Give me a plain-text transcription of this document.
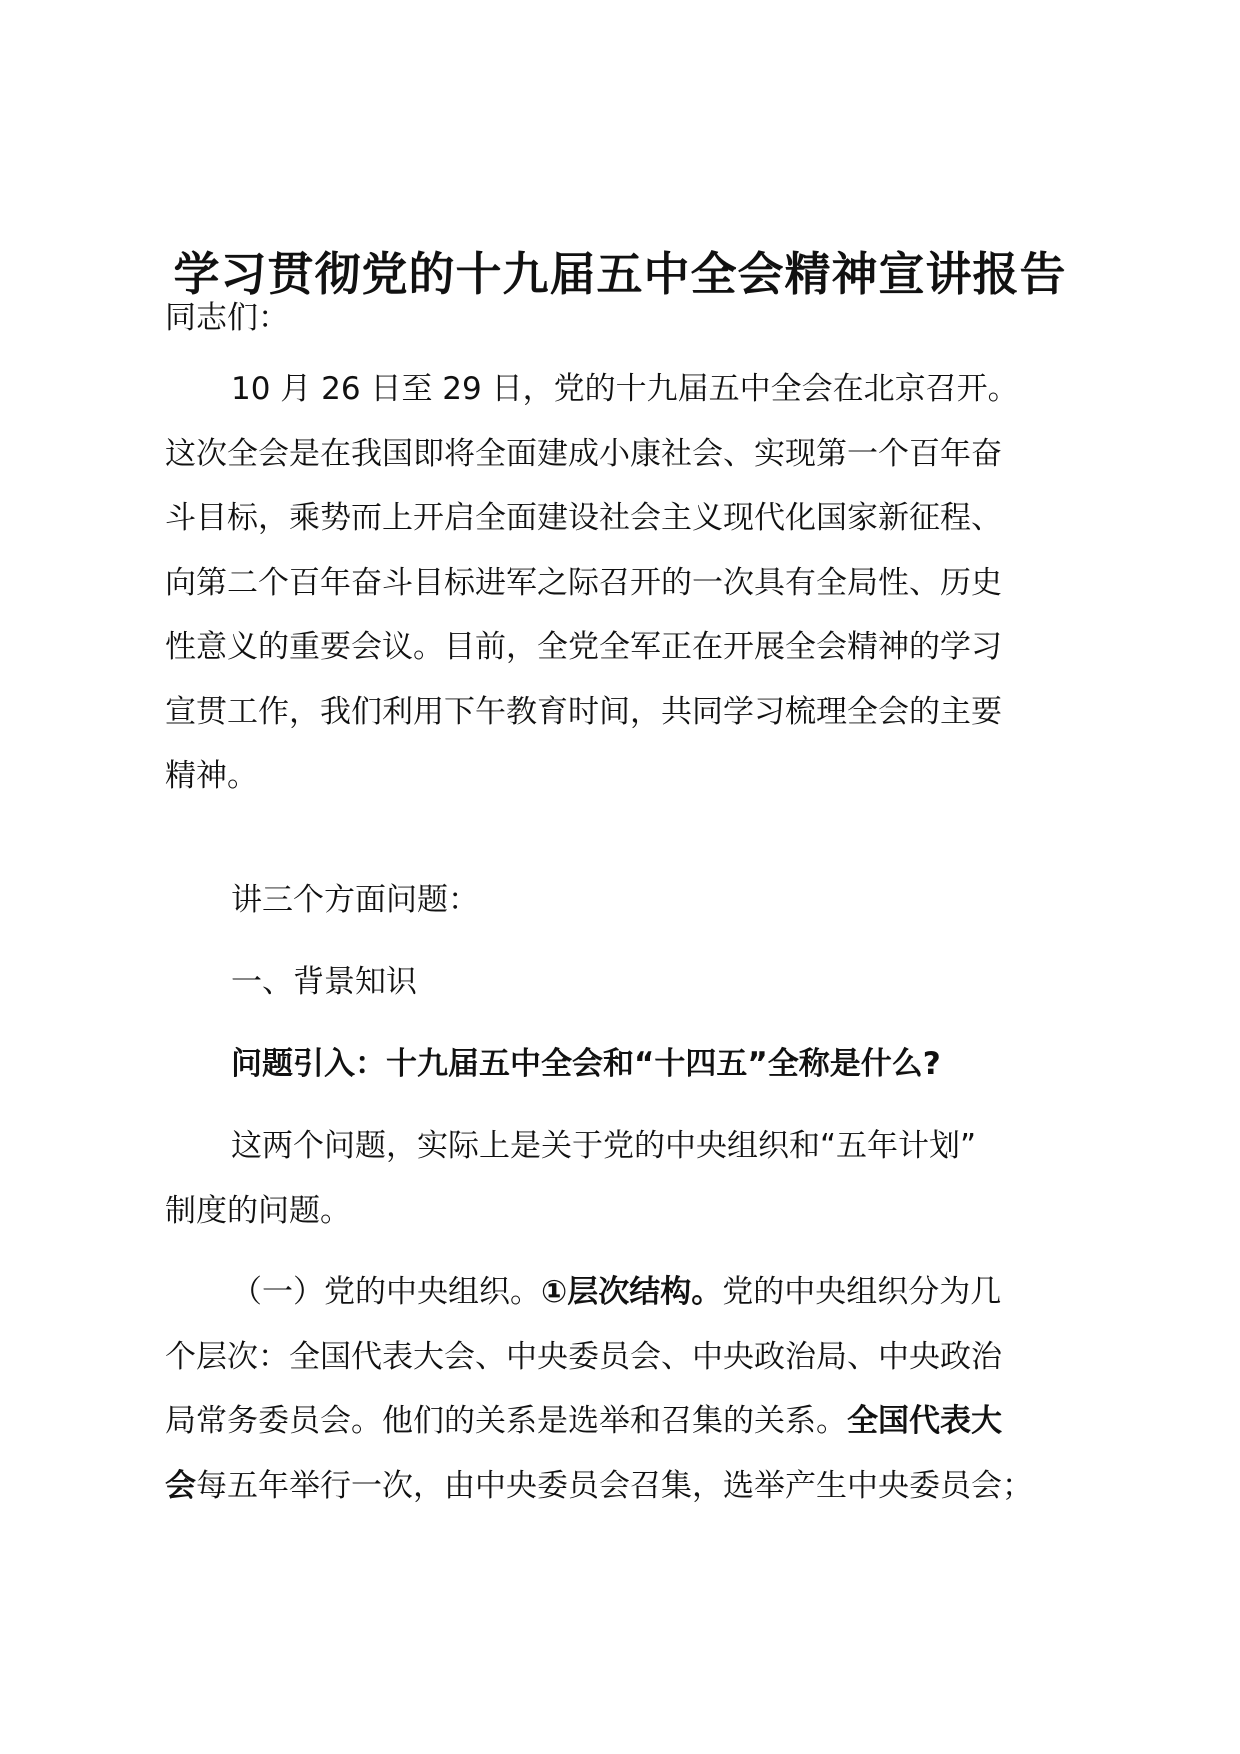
学习贯彻党的十九届五中全会精神宣讲报告
同志们：
10 月 26 日至 29 日，党的十九届五中全会在北京召开。
这次全会是在我国即将全面建成小康社会、实现第一个百年奋
斗目标，乘势而上开启全面建设社会主义现代化国家新征程、
向第二个百年奋斗目标进军之际召开的一次具有全局性、历史
性意义的重要会议。目前，全党全军正在开展全会精神的学习
宣贯工作，我们利用下午教育时间，共同学习梳理全会的主要
精神。
讲三个方面问题：
一、背景知识
问题引入：十九届五中全会和“十四五”全称是什么?
这两个问题，实际上是关于党的中央组织和“五年计划”
制度的问题。
（一）党的中央组织。①层次结构。党的中央组织分为几
个层次：全国代表大会、中央委员会、中央政治局、中央政治
局常务委员会。他们的关系是选举和召集的关系。全国代表大
会每五年举行一次，由中央委员会召集，选举产生中央委员会；
